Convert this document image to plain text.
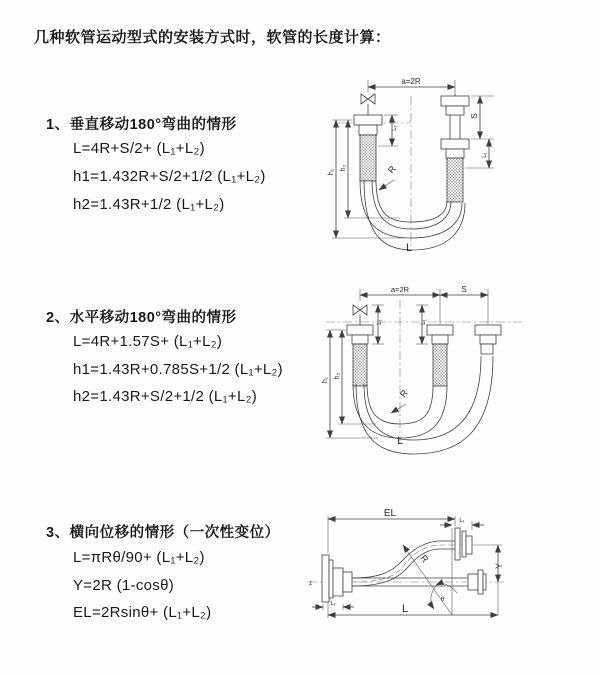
几种软管运动型式的安装方式时，软管的长度计算：
1、垂直移动180°弯曲的情形
L=4R+S/2+ (L₁+L₂)
h1=1.432R+S/2+1/2 (L₁+L₂)
h2=1.43R+1/2 (L₁+L₂)
2、水平移动180°弯曲的情形
L=4R+1.57S+ (L₁+L₂)
h1=1.43R+0.785S+1/2 (L₁+L₂)
h2=1.43R+S/2+1/2 (L₁+L₂)
3、横向位移的情形（一次性变位）
L=πRθ/90+ (L₁+L₂)
Y=2R (1-cosθ)
EL=2Rsinθ+ (L₁+L₂)
a=2R
R
h₁
h₂
L₁
S
L₁
L
a=2R	S
L₁	L₁
R
h₁
h₂
L
z
EL
L₁
R
θ
Y
L
L₁
